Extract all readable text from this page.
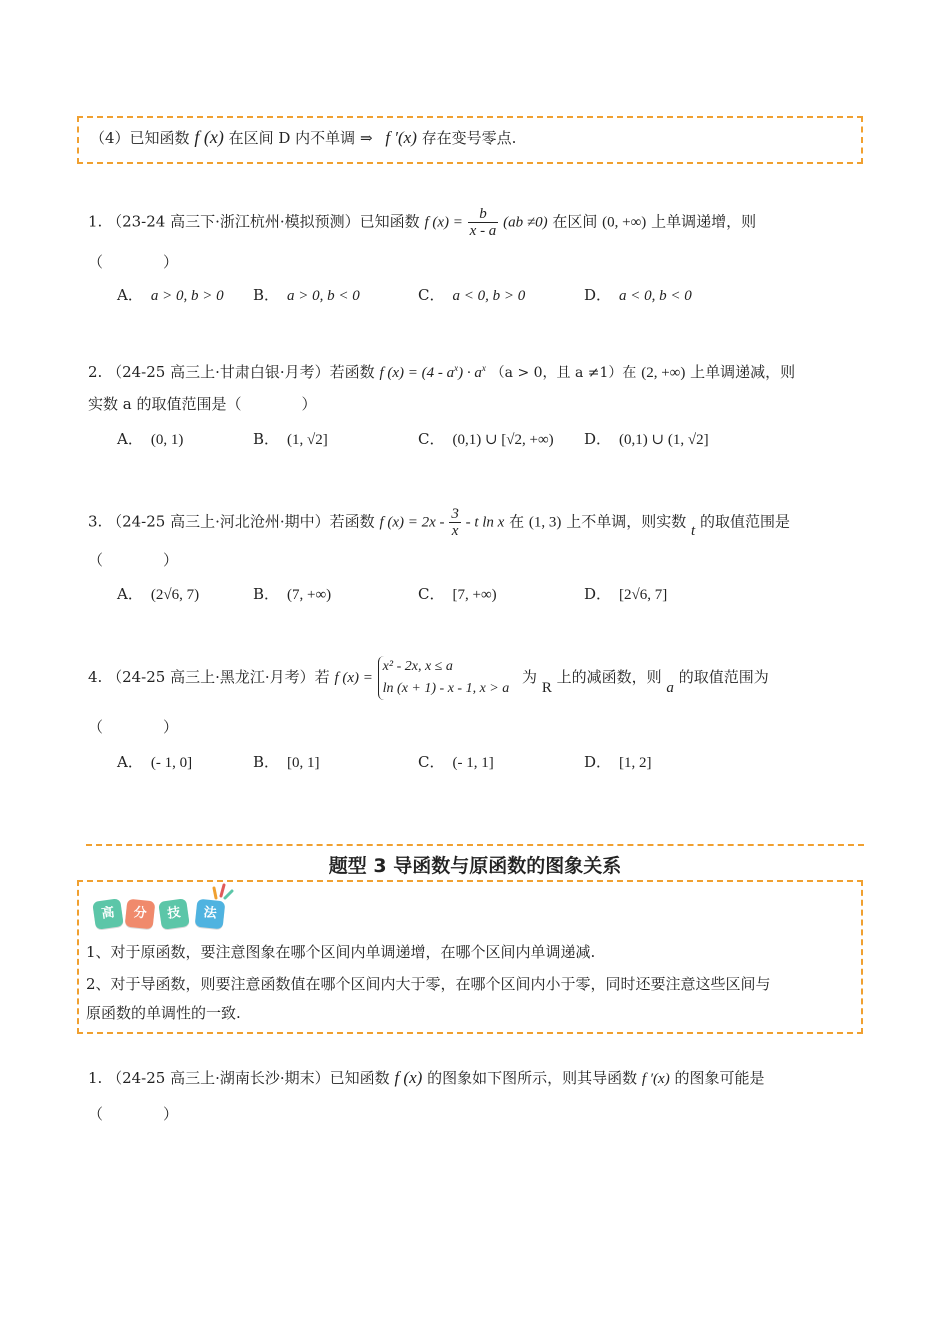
（4）已知函数 f (x) 在区间 D 内不单调 ⇒ f ′(x) 存在变号零点.
1. （23-24 高三下·浙江杭州·模拟预测）已知函数 f $(x) = \frac{b}{x - a} (ab \ne 0)$ 在区间 (0, +∞) 上单调递增，则
（　　　　）
A． a > 0, b > 0 B． a > 0, b < 0	C． a < 0, b > 0	D． a < 0, b < 0
2. （24-25 高三上·甘肃白银·月考）若函数 f $(x) = (4 - a^x) \cdot a^x$ （a > 0，且 a ≠1）在 (2, +∞) 上单调递减，则
实数 a 的取值范围是（　　　　）
A． (0, 1)	B． (1, √2]	C． (0,1) ∪ [√2, +∞) D． (0,1) ∪ (1, √2]
3. （24-25 高三上·河北沧州·期中）若函数 f $(x) = 2x - \frac{3}{x} - t$ ln x 在 (1, 3) 上不单调，则实数 t 的取值范围是
（　　　　）
A． (2√6, 7)	B． (7, +∞)	C． [7, +∞)	D． [2√6, 7]
4. （24-25 高三上·黑龙江·月考）若 f (x) =
x² - 2x, x ≤ a
ln (x + 1) - x - 1, x > a
为 R 上的减函数，则 a 的取值范围为
（　　　　）
A． (- 1, 0]	B． [0, 1]	C． (- 1, 1]	D． [1, 2]
题型 3 导函数与原函数的图象关系
高	分	技	法
1、对于原函数，要注意图象在哪个区间内单调递增，在哪个区间内单调递减.
2、对于导函数，则要注意函数值在哪个区间内大于零，在哪个区间内小于零，同时还要注意这些区间与
原函数的单调性的一致.
1. （24-25 高三上·湖南长沙·期末）已知函数 f (x) 的图象如下图所示，则其导函数 f ′(x) 的图象可能是
（　　　　）
